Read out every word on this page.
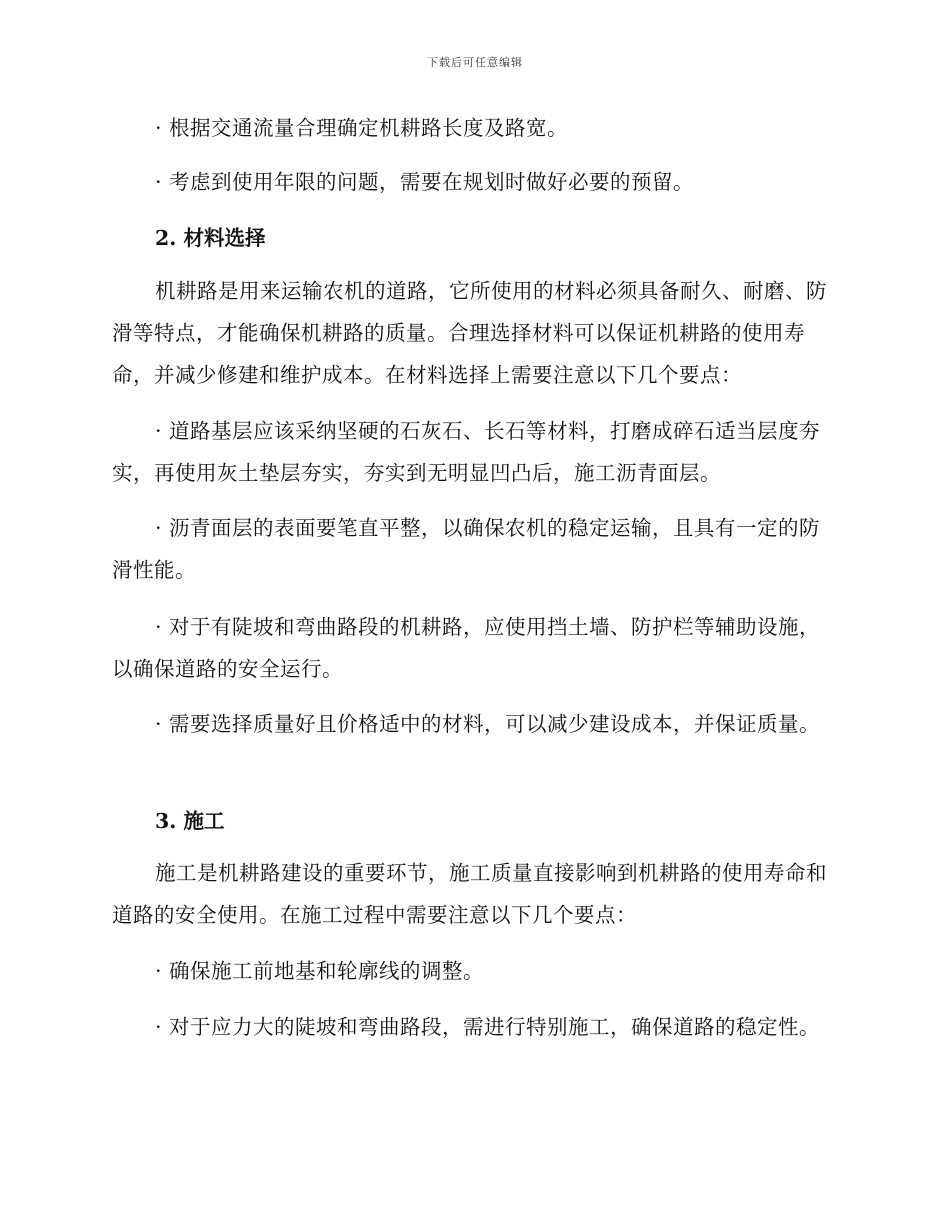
下载后可任意编辑

· 根据交通流量合理确定机耕路长度及路宽。

· 考虑到使用年限的问题，需要在规划时做好必要的预留。

2. 材料选择

机耕路是用来运输农机的道路，它所使用的材料必须具备耐久、耐磨、防滑等特点，才能确保机耕路的质量。合理选择材料可以保证机耕路的使用寿命，并减少修建和维护成本。在材料选择上需要注意以下几个要点：

· 道路基层应该采纳坚硬的石灰石、长石等材料，打磨成碎石适当层度夯实，再使用灰土垫层夯实，夯实到无明显凹凸后，施工沥青面层。

· 沥青面层的表面要笔直平整，以确保农机的稳定运输，且具有一定的防滑性能。

· 对于有陡坡和弯曲路段的机耕路，应使用挡土墙、防护栏等辅助设施，以确保道路的安全运行。

· 需要选择质量好且价格适中的材料，可以减少建设成本，并保证质量。

3. 施工

施工是机耕路建设的重要环节，施工质量直接影响到机耕路的使用寿命和道路的安全使用。在施工过程中需要注意以下几个要点：

· 确保施工前地基和轮廓线的调整。

· 对于应力大的陡坡和弯曲路段，需进行特别施工，确保道路的稳定性。
